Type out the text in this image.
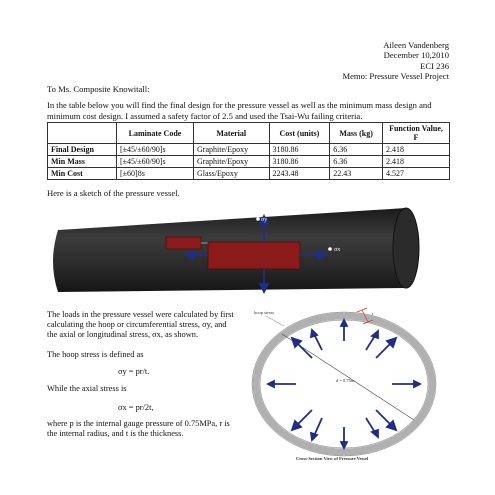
Aileen Vandenberg
December 10,2010
ECI 236
Memo: Pressure Vessel Project
To Ms. Composite Knowitall:
In the table below you will find the final design for the pressure vessel as well as the minimum mass design and minimum cost design. I assumed a safety factor of 2.5 and used the Tsai-Wu failing criteria.
	Laminate Code	Material	Cost (units)	Mass (kg)	Function Value, F
Final Design	[±45/±60/90]s	Graphite/Epoxy	3180.86	6.36	2.418
Min Mass	[±45/±60/90]s	Graphite/Epoxy	3180.86	6.36	2.418
Min Cost	[±60]8s	Glass/Epoxy	2243.48	22.43	4.527
Here is a sketch of the pressure vessel.
σy
σx
The loads in the pressure vessel were calculated by first calculating the hoop or circumferential stress, σy, and the axial or longitudinal stress, σx, as shown.
The hoop stress is defined as
σy = pr/t.
While the axial stress is
σx = pr/2t,
where p is the internal gauge pressure of 0.75MPa, r is the internal radius, and t is the thickness.
d = 0.75m
hoop stress	t
Cross-Section View of Pressure Vessel
